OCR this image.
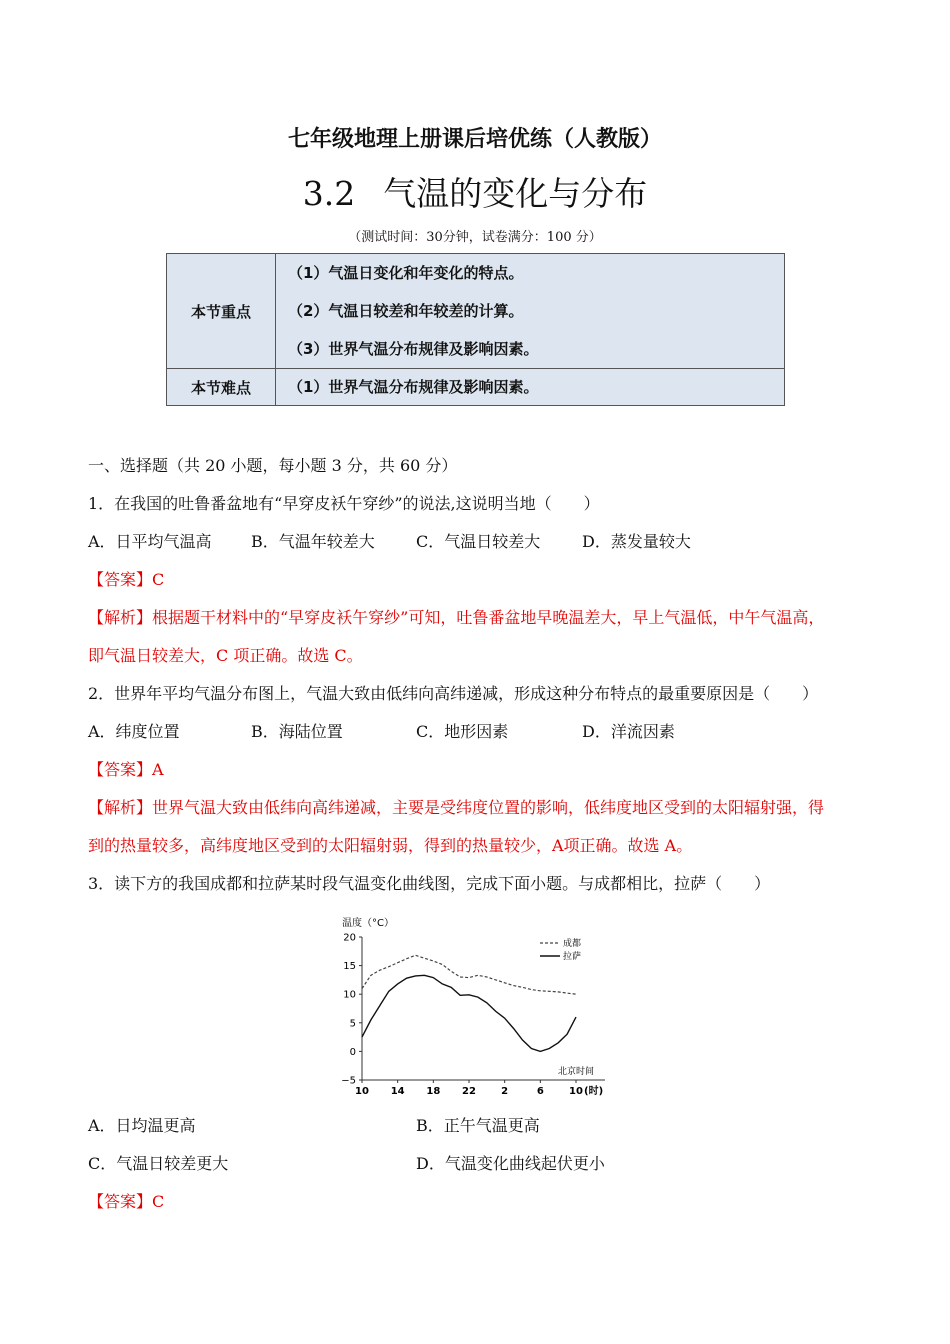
七年级地理上册课后培优练（人教版）
3.2 气温的变化与分布
（测试时间：30分钟，试卷满分：100 分）
本节重点	（1）气温日变化和年变化的特点。
（2）气温日较差和年较差的计算。
（3）世界气温分布规律及影响因素。

本节难点	（1）世界气温分布规律及影响因素。
一、选择题（共 20 小题，每小题 3 分，共 60 分）
1．在我国的吐鲁番盆地有“早穿皮袄午穿纱”的说法,这说明当地（　　）
A．日平均气温高 B．气温年较差大	C．气温日较差大	D．蒸发量较大
【答案】C
【解析】根据题干材料中的“早穿皮袄午穿纱”可知，吐鲁番盆地早晚温差大，早上气温低，中午气温高，
即气温日较差大，C 项正确。故选 C。
2．世界年平均气温分布图上，气温大致由低纬向高纬递减，形成这种分布特点的最重要原因是（　　）
A．纬度位置	B．海陆位置	C．地形因素	D．洋流因素
【答案】A
【解析】世界气温大致由低纬向高纬递减，主要是受纬度位置的影响，低纬度地区受到的太阳辐射强，得
到的热量较多，高纬度地区受到的太阳辐射弱，得到的热量较少，A项正确。故选 A。
3．读下方的我国成都和拉萨某时段气温变化曲线图，完成下面小题。与成都相比，拉萨（　　）
温度（°C）
20
15
10
5
0
−5
10 14 18 22	2	6	10 (时)
成都
拉萨
北京时间
A．日均温更高	B．正午气温更高
C．气温日较差更大	D．气温变化曲线起伏更小
【答案】C
